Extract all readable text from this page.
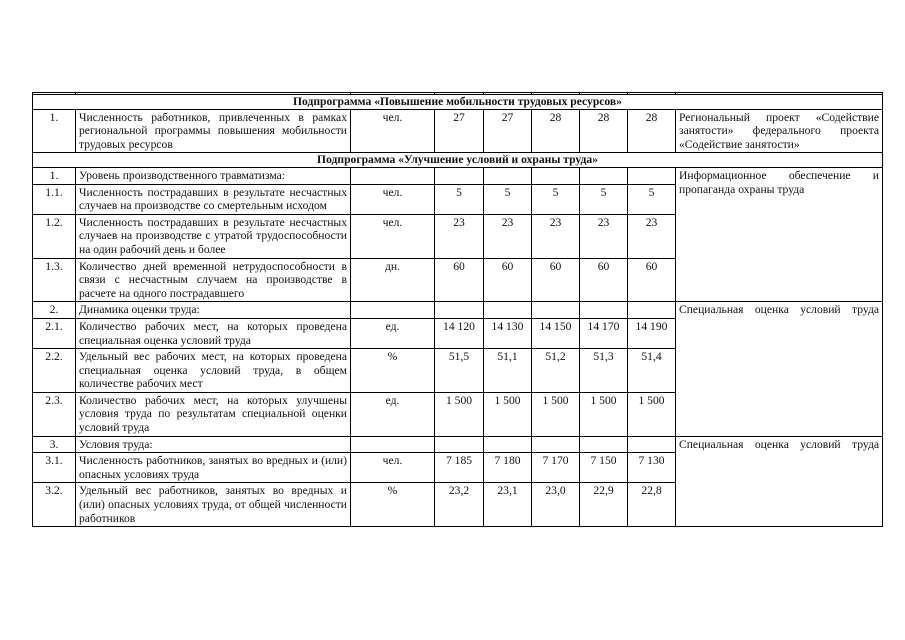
Подпрограмма «Повышение мобильности трудовых ресурсов»								
1.	Численность работников, привлеченных в рамках региональной программы повышения мобильности трудовых ресурсов	чел.	27	27	28	28	28	Региональный проект «Содействие занятости» федерального проекта «Содействие занятости»
Подпрограмма «Улучшение условий и охраны труда»								
1.	Уровень производственного травматизма:							Информационное обеспечение и пропаганда охраны труда
1.1.	Численность пострадавших в результате несчастных случаев на производстве со смертельным исходом	чел.	5	5	5	5	5	
1.2.	Численность пострадавших в результате несчастных случаев на производстве с утратой трудоспособности на один рабочий день и более	чел.	23	23	23	23	23	
1.3.	Количество дней временной нетрудоспособности в связи с несчастным случаем на производстве в расчете на одного пострадавшего	дн.	60	60	60	60	60	
2.	Динамика оценки труда:							Специальная оценка условий труда
2.1.	Количество рабочих мест, на которых проведена специальная оценка условий труда	ед.	14 120	14 130	14 150	14 170	14 190	
2.2.	Удельный вес рабочих мест, на которых проведена специальная оценка условий труда, в общем количестве рабочих мест	%	51,5	51,1	51,2	51,3	51,4	
2.3.	Количество рабочих мест, на которых улучшены условия труда по результатам специальной оценки условий труда	ед.	1 500	1 500	1 500	1 500	1 500	
3.	Условия труда:							Специальная оценка условий труда
3.1.	Численность работников, занятых во вредных и (или) опасных условиях труда	чел.	7 185	7 180	7 170	7 150	7 130	
3.2.	Удельный вес работников, занятых во вредных и (или) опасных условиях труда, от общей численности работников	%	23,2	23,1	23,0	22,9	22,8	
